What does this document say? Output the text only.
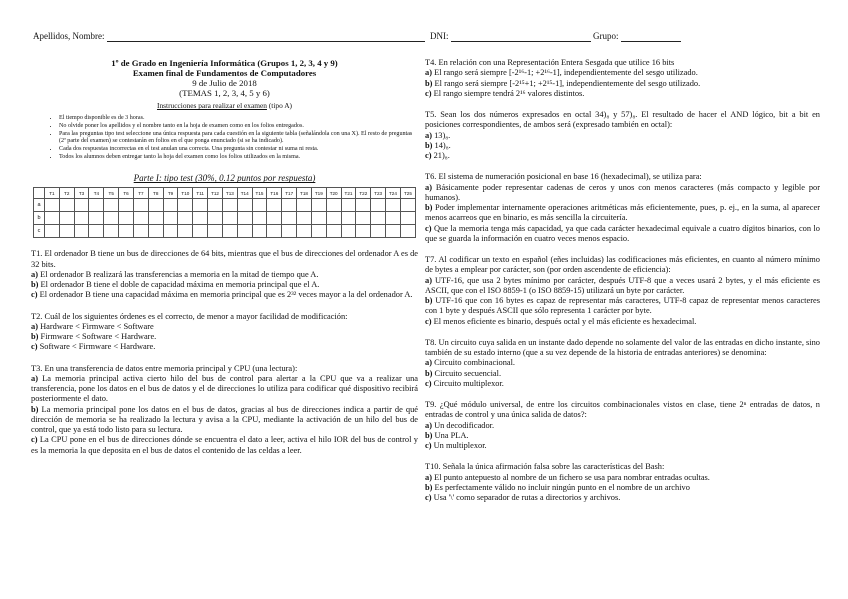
Apellidos, Nombre:	DNI:	Grupo:
1º de Grado en Ingeniería Informática (Grupos 1, 2, 3, 4 y 9)
Examen final de Fundamentos de Computadores
9 de Julio de 2018
(TEMAS 1, 2, 3, 4, 5 y 6)
Instrucciones para realizar el examen (tipo A)
• El tiempo disponible es de 3 horas.
• No olvide poner los apellidos y el nombre tanto en la hoja de examen como en los folios entregados.
• Para las preguntas tipo test seleccione una única respuesta para cada cuestión en la siguiente tabla (señalándola con una X). El resto de preguntas (2ª parte del examen) se contestarán en folios en el que ponga enunciado (si se ha indicado).
• Cada dos respuestas incorrectas en el test anulan una correcta. Una pregunta sin contestar ni suma ni resta.
• Todos los alumnos deben entregar tanto la hoja del examen como los folios utilizados en la misma.
Parte I: tipo test (30%, 0.12 puntos por respuesta)
	T1	T2	T3	T4	T5	T6	T7	T8	T9	T10	T11	T12	T13	T14	T15	T16	T17	T18	T19	T20	T21	T22	T23	T24	T25
a																									
b																									
c																									

T1. El ordenador B tiene un bus de direcciones de 64 bits, mientras que el bus de direcciones del ordenador A es de 32 bits.

a) El ordenador B realizará las transferencias a memoria en la mitad de tiempo que A.

b) El ordenador B tiene el doble de capacidad máxima en memoria principal que el A.

c) El ordenador B tiene una capacidad máxima en memoria principal que es 2³² veces mayor a la del ordenador A.

T2. Cuál de los siguientes órdenes es el correcto, de menor a mayor facilidad de modificación:

a) Hardware < Firmware < Software

b) Firmware < Software < Hardware.

c) Software < Firmware < Hardware.

T3. En una transferencia de datos entre memoria principal y CPU (una lectura):

a) La memoria principal activa cierto hilo del bus de control para alertar a la CPU que va a realizar una transferencia, pone los datos en el bus de datos y el de direcciones lo utiliza para codificar qué dispositivo recibirá posteriormente el dato.

b) La memoria principal pone los datos en el bus de datos, gracias al bus de direcciones indica a partir de qué dirección de memoria se ha realizado la lectura y avisa a la CPU, mediante la activación de un hilo del bus de control, que ya está todo listo para su lectura.

c) La CPU pone en el bus de direcciones dónde se encuentra el dato a leer, activa el hilo IOR del bus de control y es la memoria la que deposita en el bus de datos el contenido de las celdas a leer.

T4. En relación con una Representación Entera Sesgada que utilice 16 bits

a) El rango será siempre [-2¹⁶-1; +2¹⁶-1], independientemente del sesgo utilizado.

b) El rango será siempre [-2¹⁵+1; +2¹⁵-1], independientemente del sesgo utilizado.

c) El rango siempre tendrá 2¹⁶ valores distintos.

T5. Sean los dos números expresados en octal 34)₈ y 57)₈. El resultado de hacer el AND lógico, bit a bit en posiciones correspondientes, de ambos será (expresado también en octal):

a) 13)₈.

b) 14)₈.

c) 21)₈.

T6. El sistema de numeración posicional en base 16 (hexadecimal), se utiliza para:

a) Básicamente poder representar cadenas de ceros y unos con menos caracteres (más compacto y legible por humanos).

b) Poder implementar internamente operaciones aritméticas más eficientemente, pues, p. ej., en la suma, al aparecer menos acarreos que en binario, es más sencilla la circuitería.

c) Que la memoria tenga más capacidad, ya que cada carácter hexadecimal equivale a cuatro dígitos binarios, con lo que se guarda la información en cuatro veces menos espacio.

T7. Al codificar un texto en español (eñes incluidas) las codificaciones más eficientes, en cuanto al número mínimo de bytes a emplear por carácter, son (por orden ascendente de eficiencia):

a) UTF-16, que usa 2 bytes mínimo por carácter, después UTF-8 que a veces usará 2 bytes, y el más eficiente es ASCII, que con el ISO 8859-1 (o ISO 8859-15) utilizará un byte por carácter.

b) UTF-16 que con 16 bytes es capaz de representar más caracteres, UTF-8 capaz de representar menos caracteres con 1 byte y después ASCII que sólo representa 1 carácter por byte.

c) El menos eficiente es binario, después octal y el más eficiente es hexadecimal.

T8. Un circuito cuya salida en un instante dado depende no solamente del valor de las entradas en dicho instante, sino también de su estado interno (que a su vez depende de la historia de entradas anteriores) se denomina:

a) Circuito combinacional.

b) Circuito secuencial.

c) Circuito multiplexor.

T9. ¿Qué módulo universal, de entre los circuitos combinacionales vistos en clase, tiene 2ⁿ entradas de datos, n entradas de control y una única salida de datos?:

a) Un decodificador.

b) Una PLA.

c) Un multiplexor.

T10. Señala la única afirmación falsa sobre las características del Bash:

a) El punto antepuesto al nombre de un fichero se usa para nombrar entradas ocultas.

b) Es perfectamente válido no incluir ningún punto en el nombre de un archivo

c) Usa '\' como separador de rutas a directorios y archivos.
